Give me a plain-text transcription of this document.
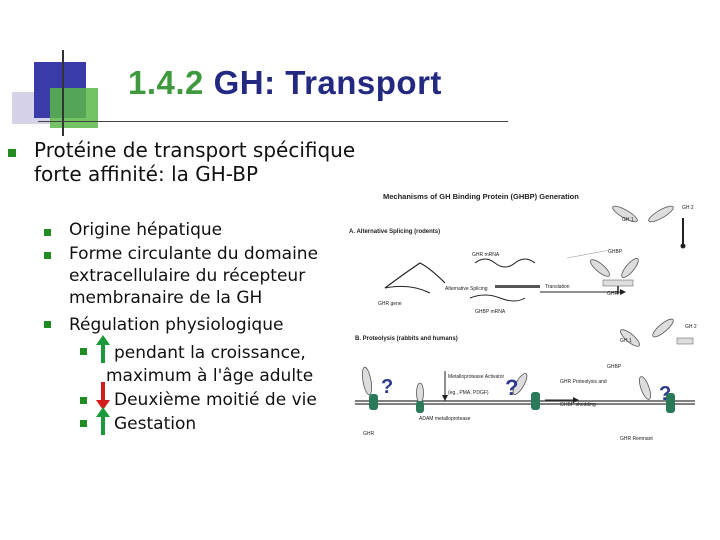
1.4.2 GH: Transport
Protéine de transport spécifique forte affinité: la GH-BP
Origine hépatique
Forme circulante du domaine extracellulaire du récepteur membranaire de la GH
Régulation physiologique
pendant la croissance,
maximum à l'âge adulte
Deuxième moitié de vie
Gestation
Mechanisms of GH Binding Protein (GHBP) Generation
A. Alternative Splicing (rodents)
GH 1
GH 2
GHBP
GHR
GHR mRNA
GHR gene
Alternative Splicing
GHBP mRNA
Translation
B. Proteolysis (rabbits and humans)	GH 1
GH 2
GHBP
?
GHR
Metalloprotease Activator
(eg., PMA, PDGF)
ADAM metalloprotease
?	GHR Proteolysis and
GHBP shedding	?
GHR Remnant
